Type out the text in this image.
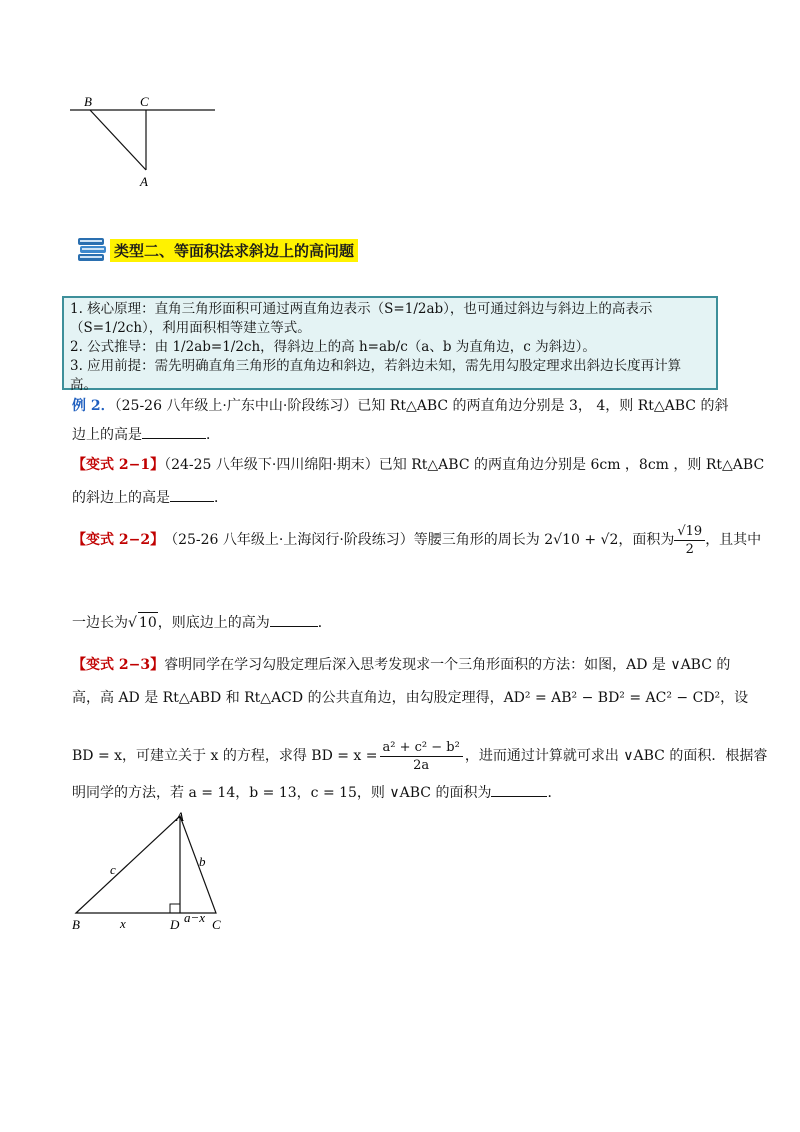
B	C
A
类型二、等面积法求斜边上的高问题
1. 核心原理：直角三角形面积可通过两直角边表示（S=1/2ab），也可通过斜边与斜边上的高表示
（S=1/2ch），利用面积相等建立等式。
2. 公式推导：由 1/2ab=1/2ch，得斜边上的高 h=ab/c（a、b 为直角边，c 为斜边）。
3. 应用前提：需先明确直角三角形的直角边和斜边，若斜边未知，需先用勾股定理求出斜边长度再计算
高。
例 2．（25-26 八年级上·广东中山·阶段练习）已知 Rt△ABC 的两直角边分别是 3， 4，则 Rt△ABC 的斜
边上的高是	．
【变式 2−1】（24-25 八年级下·四川绵阳·期末）已知 Rt△ABC 的两直角边分别是 6cm ，8cm ，则 Rt△ABC
的斜边上的高是	．
【变式 2−2】 （25-26 八年级上·上海闵行·阶段练习）等腰三角形的周长为 2√10 + √2，面积为 $\frac{√19}{2}$ ，且其中
一边长为√ 10，则底边上的高为	．
【变式 2−3】睿明同学在学习勾股定理后深入思考发现求一个三角形面积的方法：如图，AD 是 ∨ABC 的
高，高 AD 是 Rt△ABD 和 Rt△ACD 的公共直角边，由勾股定理得，AD² = AB² − BD² = AC² − CD²，设
BD = x，可建立关于 x 的方程，求得 BD = $x = \frac{\text{a² + c² − b²}}{2a}$ ，进而通过计算就可求出 ∨ABC 的面积．根据睿
明同学的方法，若 a = 14，b = 13，c = 15，则 ∨ABC 的面积为	．
A
B	C
D
b
c
x	a−x
